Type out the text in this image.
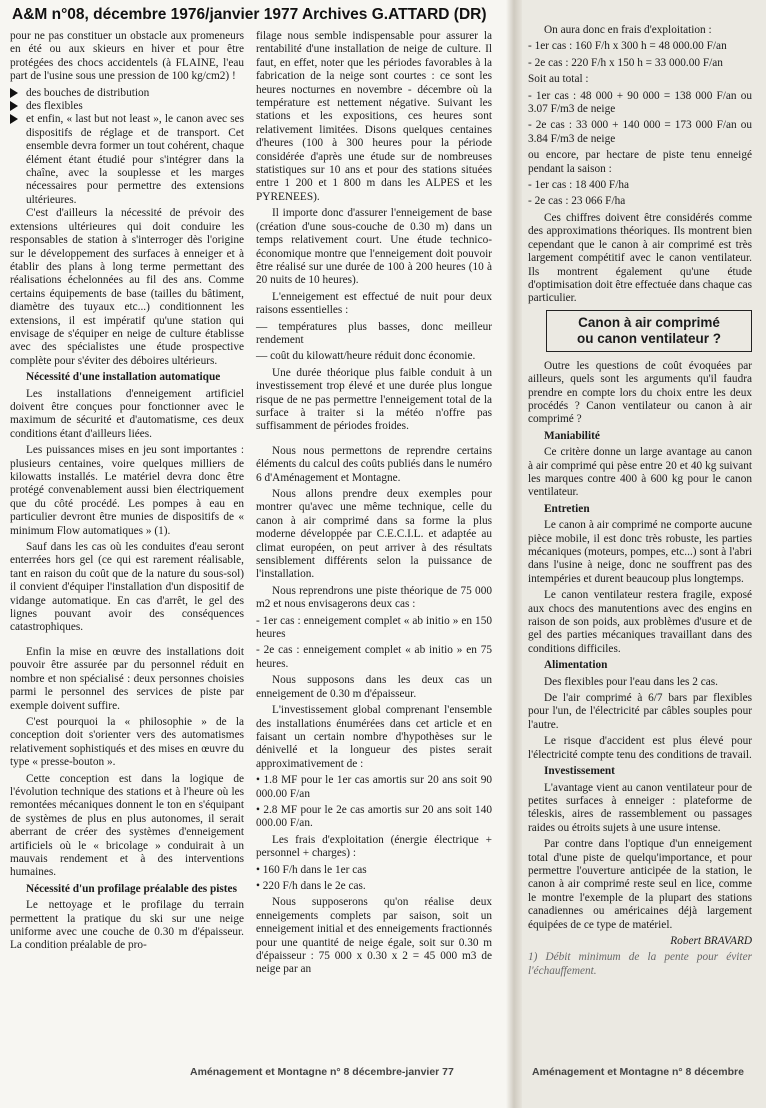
A&M n°08, décembre 1976/janvier 1977 Archives G.ATTARD (DR)

pour ne pas constituer un obstacle aux promeneurs en été ou aux skieurs en hiver et pour être protégées des chocs accidentels (à FLAINE, l'eau part de l'usine sous une pression de 100 kg/cm2) !

des bouches de distribution
des flexibles
et enfin, « last but not least », le canon avec ses dispositifs de réglage et de transport. Cet ensemble devra former un tout cohérent, chaque élément étant étudié pour s'intégrer dans la chaîne, avec la souplesse et les marges nécessaires pour permettre des extensions ultérieures.

C'est d'ailleurs la nécessité de prévoir des extensions ultérieures qui doit conduire les responsables de station à s'interroger dès l'origine sur le développement des surfaces à enneiger et à établir des plans à long terme permettant des réalisations échelonnées au fil des ans. Comme certains équipements de base (tailles du bâtiment, diamètre des tuyaux etc...) conditionnent les extensions, il est impératif qu'une station qui envisage de s'équiper en neige de culture établisse avec des spécialistes une étude prospective complète pour s'éviter des déboires ultérieurs.

Nécessité d'une installation automatique

Les installations d'enneigement artificiel doivent être conçues pour fonctionner avec le maximum de sécurité et d'automatisme, ces deux conditions étant d'ailleurs liées.

Les puissances mises en jeu sont importantes : plusieurs centaines, voire quelques milliers de kilowatts installés. Le matériel devra donc être protégé convenablement aussi bien électriquement que du côté procédé. Les pompes à eau en particulier devront être munies de dispositifs de « minimum Flow automatiques » (1).

Sauf dans les cas où les conduites d'eau seront enterrées hors gel (ce qui est rarement réalisable, tant en raison du coût que de la nature du sous-sol) il convient d'équiper l'installation d'un dispositif de vidange automatique. En cas d'arrêt, le gel des lignes pouvant avoir des conséquences catastrophiques.

Enfin la mise en œuvre des installations doit pouvoir être assurée par du personnel réduit en nombre et non spécialisé : deux personnes choisies parmi le personnel des services de piste par exemple doivent suffire.

C'est pourquoi la « philosophie » de la conception doit s'orienter vers des automatismes relativement sophistiqués et des mises en œuvre du type « presse-bouton ».

Cette conception est dans la logique de l'évolution technique des stations et à l'heure où les remontées mécaniques donnent le ton en s'équipant de systèmes de plus en plus autonomes, il serait aberrant de créer des systèmes d'enneigement artificiels où le « bricolage » conduirait à un mauvais rendement et à des interventions humaines.

Nécessité d'un profilage préalable des pistes

Le nettoyage et le profilage du terrain permettent la pratique du ski sur une neige uniforme avec une couche de 0.30 m d'épaisseur. La condition préalable de pro-

filage nous semble indispensable pour assurer la rentabilité d'une installation de neige de culture. Il faut, en effet, noter que les périodes favorables à la fabrication de la neige sont courtes : ce sont les heures nocturnes en novembre - décembre où la température est nettement négative. Suivant les stations et les expositions, ces heures sont relativement limitées. Disons quelques centaines d'heures (100 à 300 heures pour la période considérée d'après une étude sur de nombreuses statistiques sur 10 ans et pour des stations situées entre 1 200 et 1 800 m dans les ALPES et les PYRENEES).

Il importe donc d'assurer l'enneigement de base (création d'une sous-couche de 0.30 m) dans un temps relativement court. Une étude technico-économique montre que l'enneigement doit pouvoir être réalisé sur une durée de 100 à 200 heures (10 à 20 nuits de 10 heures).

L'enneigement est effectué de nuit pour deux raisons essentielles :

— températures plus basses, donc meilleur rendement

— coût du kilowatt/heure réduit donc économie.

Une durée théorique plus faible conduit à un investissement trop élevé et une durée plus longue risque de ne pas permettre l'enneigement total de la surface à traiter si la météo n'offre pas suffisamment de périodes froides.

Nous nous permettons de reprendre certains éléments du calcul des coûts publiés dans le numéro 6 d'Aménagement et Montagne.

Nous allons prendre deux exemples pour montrer qu'avec une même technique, celle du canon à air comprimé dans sa forme la plus moderne développée par C.E.C.I.L. et adaptée au climat européen, on peut arriver à des résultats sensiblement différents selon la puissance de l'installation.

Nous reprendrons une piste théorique de 75 000 m2 et nous envisagerons deux cas :

- 1er cas : enneigement complet « ab initio » en 150 heures

- 2e cas : enneigement complet « ab initio » en 75 heures.

Nous supposons dans les deux cas un enneigement de 0.30 m d'épaisseur.

L'investissement global comprenant l'ensemble des installations énumérées dans cet article et en faisant un certain nombre d'hypothèses sur le dénivellé et la longueur des pistes serait approximativement de :

• 1.8 MF pour le 1er cas amortis sur 20 ans soit 90 000.00 F/an

• 2.8 MF pour le 2e cas amortis sur 20 ans soit 140 000.00 F/an.

Les frais d'exploitation (énergie électrique + personnel + charges) :

• 160 F/h dans le 1er cas

• 220 F/h dans le 2e cas.

Nous supposerons qu'on réalise deux enneigements complets par saison, soit un enneigement initial et des enneigements fractionnés pour une quantité de neige égale, soit sur 0.30 m d'épaisseur : 75 000 x 0.30 x 2 = 45 000 m3 de neige par an

On aura donc en frais d'exploitation :

- 1er cas : 160 F/h x 300 h = 48 000.00 F/an

- 2e cas : 220 F/h x 150 h = 33 000.00 F/an

Soit au total :

- 1er cas : 48 000 + 90 000 = 138 000 F/an ou 3.07 F/m3 de neige

- 2e cas : 33 000 + 140 000 = 173 000 F/an ou 3.84 F/m3 de neige

ou encore, par hectare de piste tenu enneigé pendant la saison :

- 1er cas : 18 400 F/ha

- 2e cas : 23 066 F/ha

Ces chiffres doivent être considérés comme des approximations théoriques. Ils montrent bien cependant que le canon à air comprimé est très largement compétitif avec le canon ventilateur. Ils montrent également qu'une étude d'optimisation doit être effectuée dans chaque cas particulier.

Canon à air comprimé
ou canon ventilateur ?

Outre les questions de coût évoquées par ailleurs, quels sont les arguments qu'il faudra prendre en compte lors du choix entre les deux procédés ? Canon ventilateur ou canon à air comprimé ?

Maniabilité

Ce critère donne un large avantage au canon à air comprimé qui pèse entre 20 et 40 kg suivant les marques contre 400 à 600 kg pour le canon ventilateur.

Entretien

Le canon à air comprimé ne comporte aucune pièce mobile, il est donc très robuste, les parties mécaniques (moteurs, pompes, etc...) sont à l'abri dans l'usine à neige, donc ne souffrent pas des intempéries et durent beaucoup plus longtemps.

Le canon ventilateur restera fragile, exposé aux chocs des manutentions avec des engins en raison de son poids, aux problèmes d'usure et de gel des parties mécaniques travaillant dans des conditions difficiles.

Alimentation

Des flexibles pour l'eau dans les 2 cas.

De l'air comprimé à 6/7 bars par flexibles pour l'un, de l'électricité par câbles souples pour l'autre.

Le risque d'accident est plus élevé pour l'électricité compte tenu des conditions de travail.

Investissement

L'avantage vient au canon ventilateur pour de petites surfaces à enneiger : plateforme de téleskis, aires de rassemblement ou passages raides ou étroits sujets à une usure intense.

Par contre dans l'optique d'un enneigement total d'une piste de quelqu'importance, et pour permettre l'ouverture anticipée de la station, le canon à air comprimé reste seul en lice, comme le montre l'exemple de la plupart des stations canadiennes ou américaines déjà largement équipées de ce type de matériel.

Robert BRAVARD

1) Débit minimum de la pente pour éviter l'échauffement.

Aménagement et Montagne n° 8 décembre-janvier 77	Aménagement et Montagne n° 8 décembre
